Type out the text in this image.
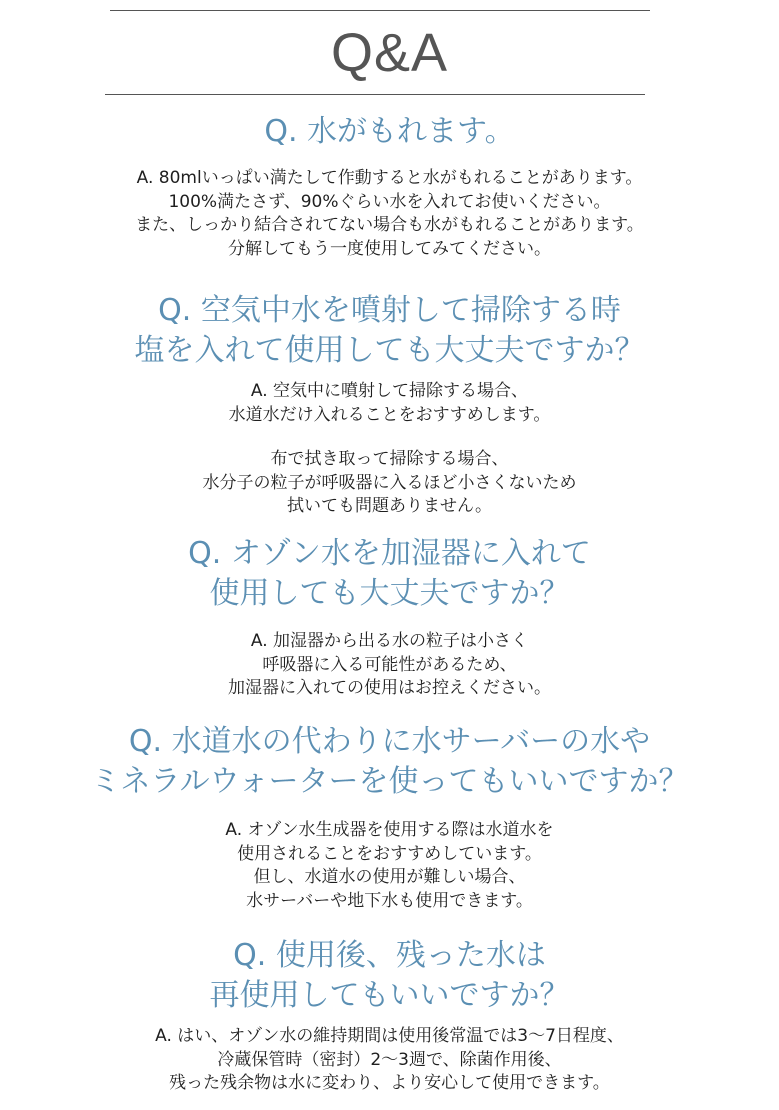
Q&A
Q. 水がもれます。
A. 80mlいっぱい満たして作動すると水がもれることがあります。
100%満たさず、90%ぐらい水を入れてお使いください。
また、しっかり結合されてない場合も水がもれることがあります。
分解してもう一度使用してみてください。
Q. 空気中水を噴射して掃除する時
塩を入れて使用しても大丈夫ですか？
A. 空気中に噴射して掃除する場合、
水道水だけ入れることをおすすめします。
布で拭き取って掃除する場合、
水分子の粒子が呼吸器に入るほど小さくないため
拭いても問題ありません。
Q. オゾン水を加湿器に入れて
使用しても大丈夫ですか？
A. 加湿器から出る水の粒子は小さく
呼吸器に入る可能性があるため、
加湿器に入れての使用はお控えください。
Q. 水道水の代わりに水サーバーの水や
ミネラルウォーターを使ってもいいですか？
A. オゾン水生成器を使用する際は水道水を
使用されることをおすすめしています。
但し、水道水の使用が難しい場合、
水サーバーや地下水も使用できます。
Q. 使用後、残った水は
再使用してもいいですか？
A. はい、オゾン水の維持期間は使用後常温では3〜7日程度、
冷蔵保管時（密封）2〜3週で、除菌作用後、
残った残余物は水に変わり、より安心して使用できます。
